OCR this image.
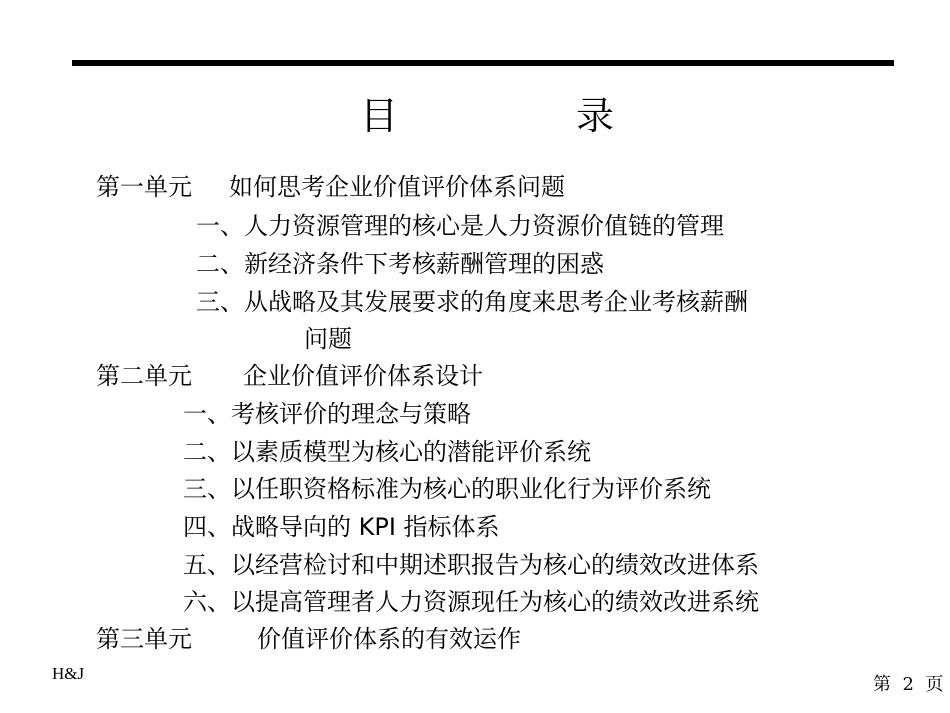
目	录
第一单元 如何思考企业价值评价体系问题
一、人力资源管理的核心是人力资源价值链的管理
二、新经济条件下考核薪酬管理的困惑
三、从战略及其发展要求的角度来思考企业考核薪酬
问题
第二单元 企业价值评价体系设计
一、考核评价的理念与策略
二、以素质模型为核心的潜能评价系统
三、以任职资格标准为核心的职业化行为评价系统
四、战略导向的 KPI 指标体系
五、以经营检讨和中期述职报告为核心的绩效改进体系
六、以提高管理者人力资源现任为核心的绩效改进系统
第三单元	价值评价体系的有效运作
H&J
第  2  页
